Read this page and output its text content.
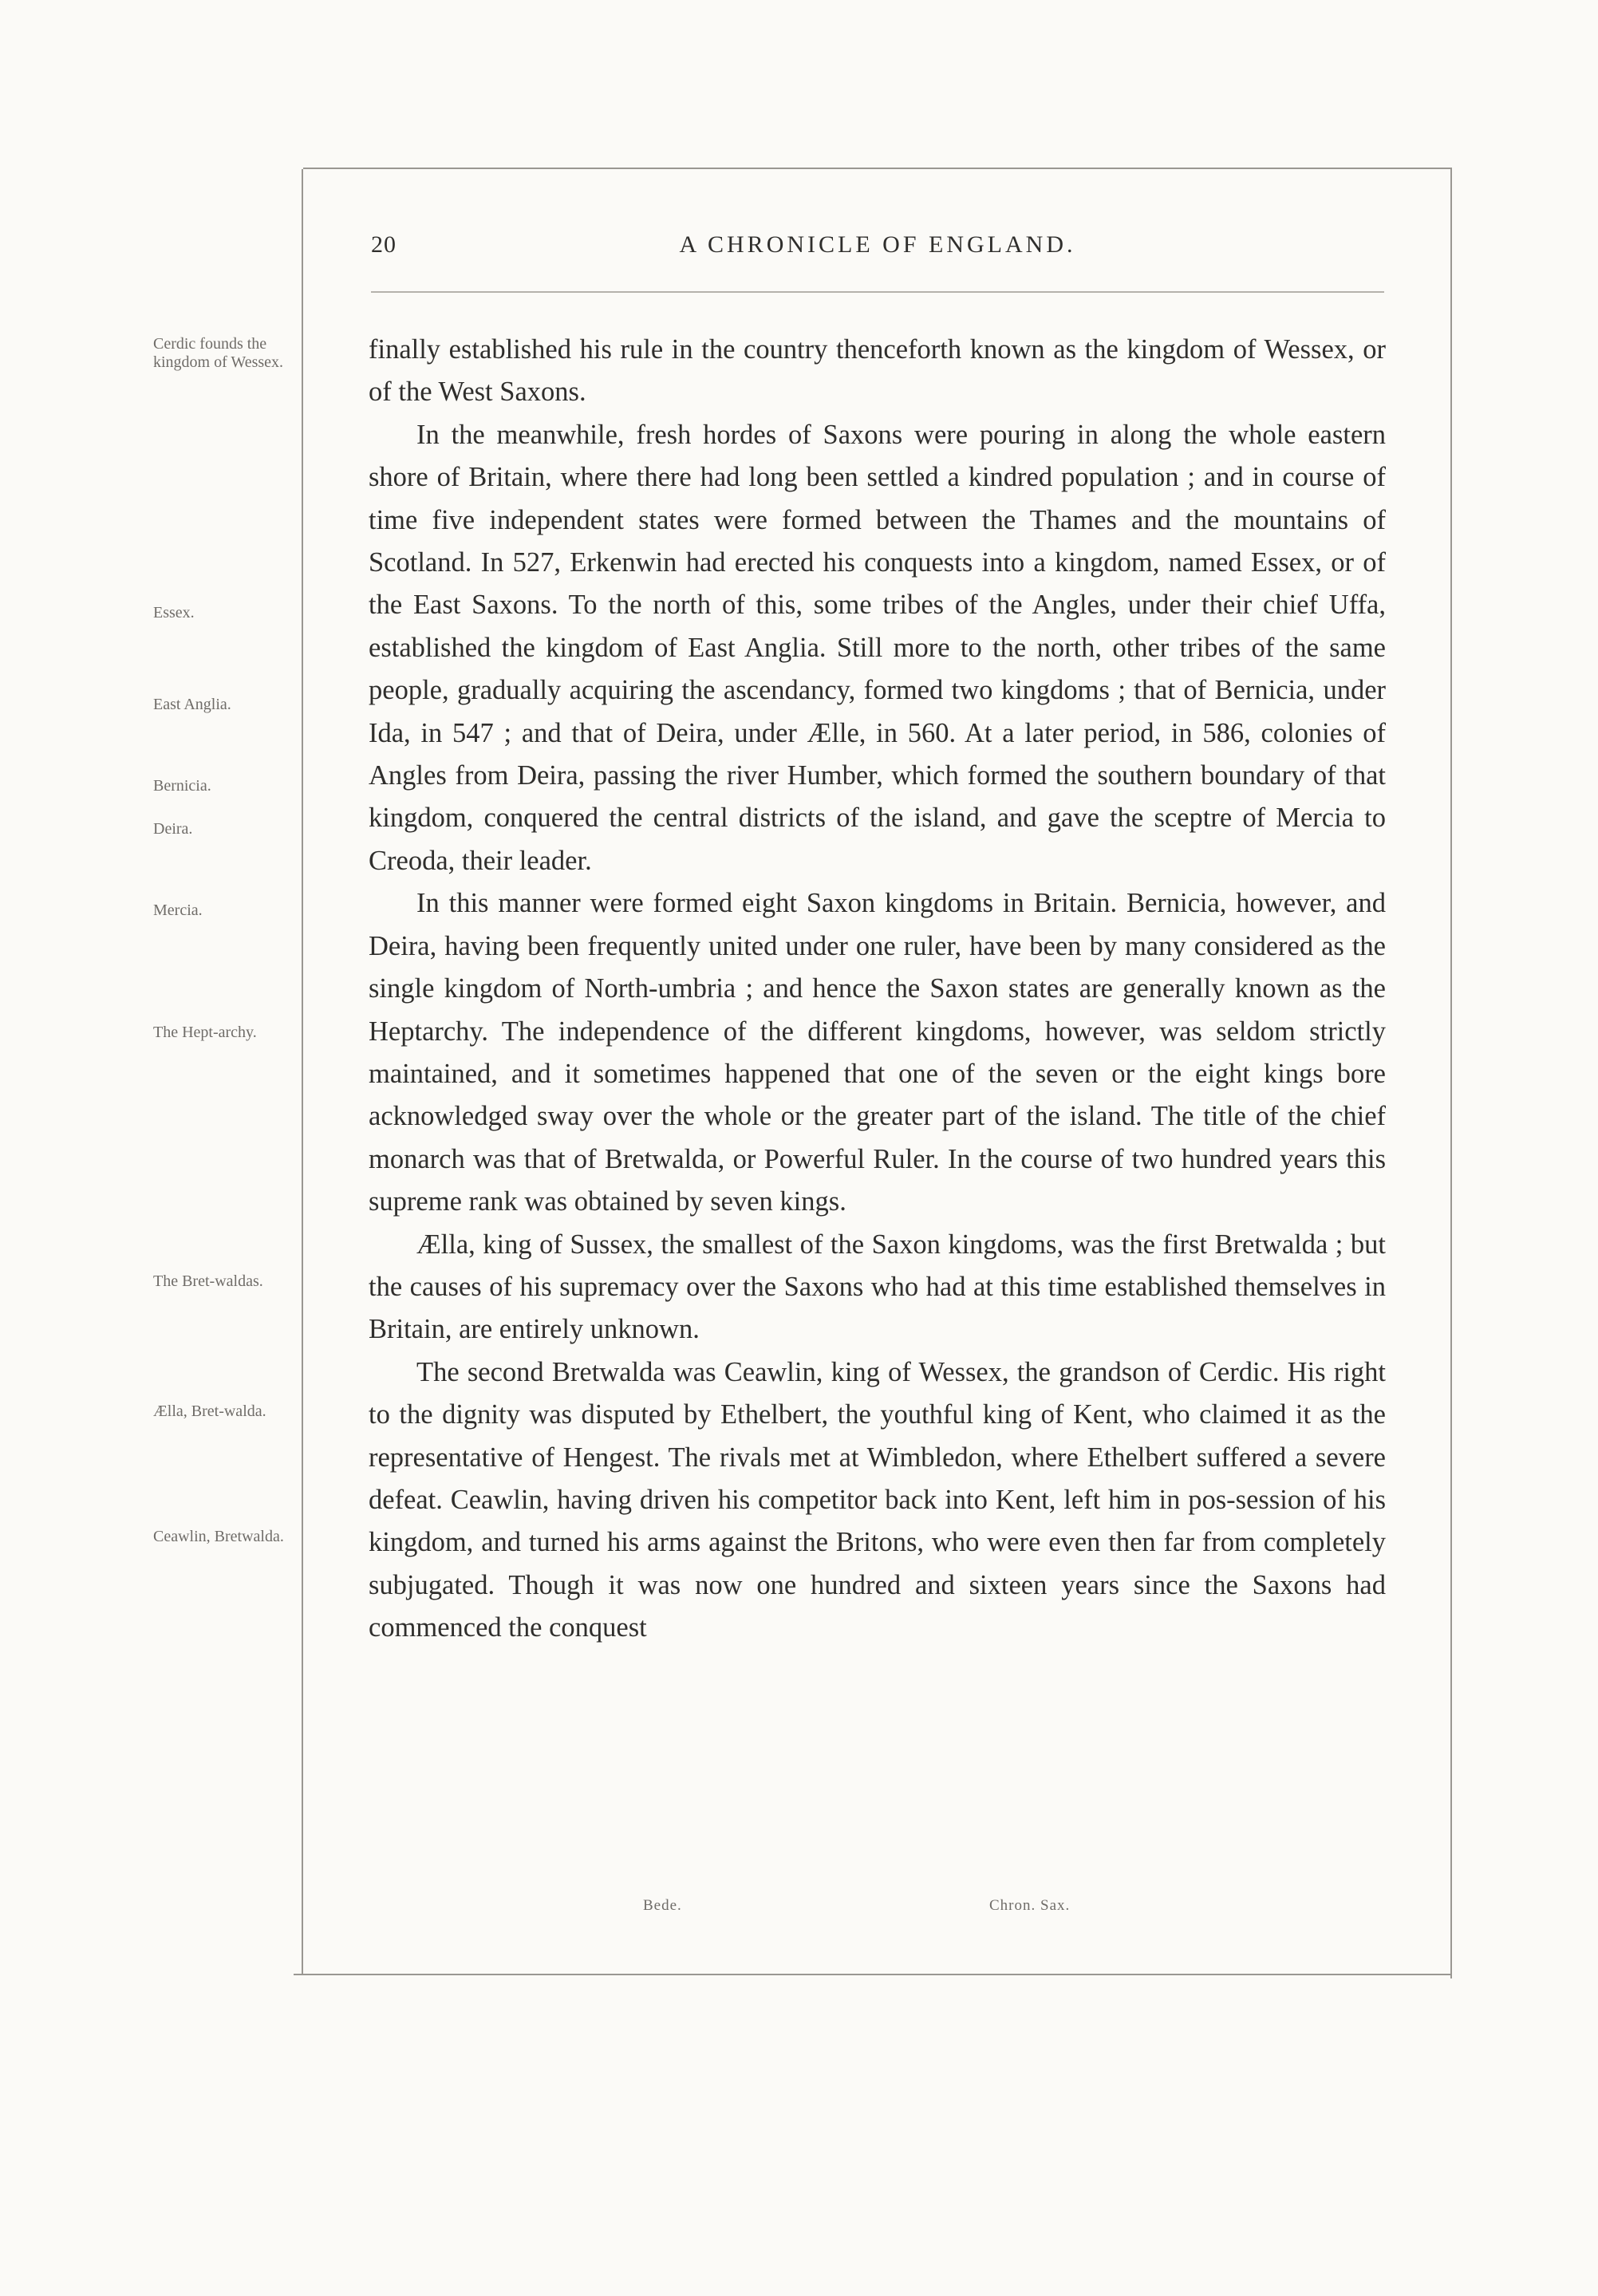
20	A CHRONICLE OF ENGLAND.
Cerdic founds the kingdom of Wessex.
Essex.
East Anglia.
Bernicia.
Deira.
Mercia.
The Hept-archy.
The Bret-waldas.
Ælla, Bret-walda.
Ceawlin, Bretwalda.

finally established his rule in the country thenceforth known as the kingdom of Wessex, or of the West Saxons.

In the meanwhile, fresh hordes of Saxons were pouring in along the whole eastern shore of Britain, where there had long been settled a kindred population ; and in course of time five independent states were formed between the Thames and the mountains of Scotland. In 527, Erkenwin had erected his conquests into a kingdom, named Essex, or of the East Saxons. To the north of this, some tribes of the Angles, under their chief Uffa, established the kingdom of East Anglia. Still more to the north, other tribes of the same people, gradually acquiring the ascendancy, formed two kingdoms ; that of Bernicia, under Ida, in 547 ; and that of Deira, under Ælle, in 560. At a later period, in 586, colonies of Angles from Deira, passing the river Humber, which formed the southern boundary of that kingdom, conquered the central districts of the island, and gave the sceptre of Mercia to Creoda, their leader.

In this manner were formed eight Saxon kingdoms in Britain. Bernicia, however, and Deira, having been frequently united under one ruler, have been by many considered as the single kingdom of North-umbria ; and hence the Saxon states are generally known as the Heptarchy. The independence of the different kingdoms, however, was seldom strictly maintained, and it sometimes happened that one of the seven or the eight kings bore acknowledged sway over the whole or the greater part of the island. The title of the chief monarch was that of Bretwalda, or Powerful Ruler. In the course of two hundred years this supreme rank was obtained by seven kings.

Ælla, king of Sussex, the smallest of the Saxon kingdoms, was the first Bretwalda ; but the causes of his supremacy over the Saxons who had at this time established themselves in Britain, are entirely unknown.

The second Bretwalda was Ceawlin, king of Wessex, the grandson of Cerdic. His right to the dignity was disputed by Ethelbert, the youthful king of Kent, who claimed it as the representative of Hengest. The rivals met at Wimbledon, where Ethelbert suffered a severe defeat. Ceawlin, having driven his competitor back into Kent, left him in pos-session of his kingdom, and turned his arms against the Britons, who were even then far from completely subjugated. Though it was now one hundred and sixteen years since the Saxons had commenced the conquest

Bede.	Chron. Sax.
